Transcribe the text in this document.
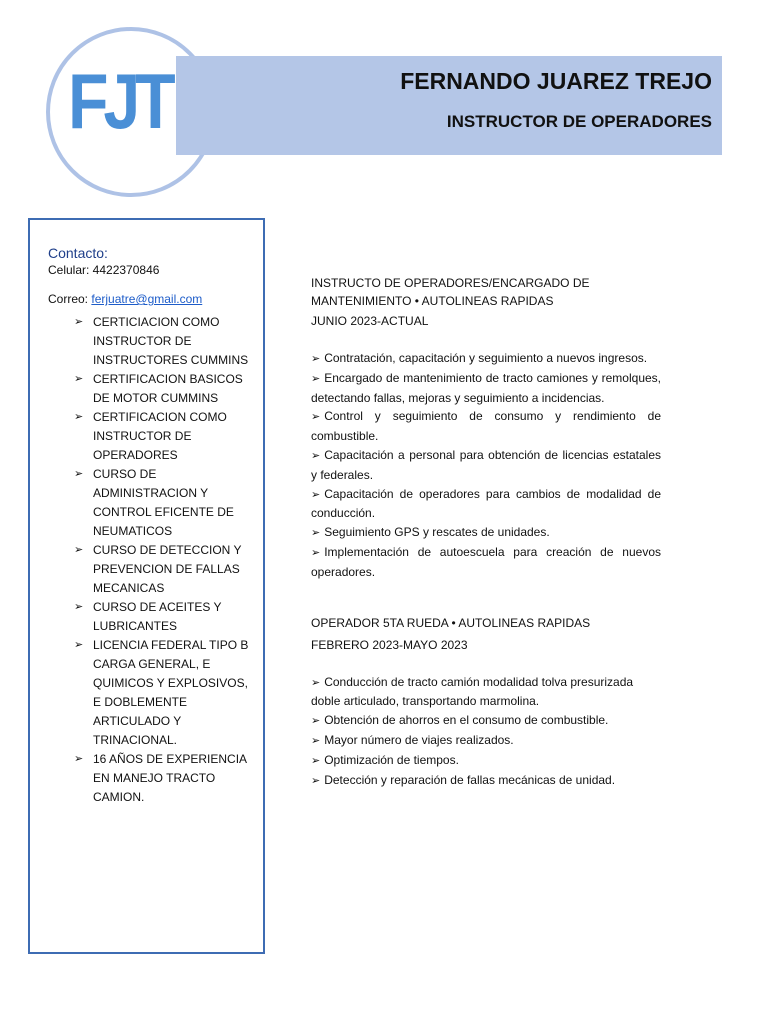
FJT	FERNANDO JUAREZ TREJO
INSTRUCTOR DE OPERADORES
Contacto:
Celular: 4422370846
Correo: ferjuatre@gmail.com
➢ CERTICIACION COMO INSTRUCTOR DE INSTRUCTORES CUMMINS
➢ CERTIFICACION BASICOS DE MOTOR CUMMINS
➢ CERTIFICACION COMO INSTRUCTOR DE OPERADORES
➢ CURSO DE ADMINISTRACION Y CONTROL EFICENTE DE NEUMATICOS
➢ CURSO DE DETECCION Y PREVENCION DE FALLAS MECANICAS
➢ CURSO DE ACEITES Y LUBRICANTES
➢ LICENCIA FEDERAL TIPO B CARGA GENERAL, E QUIMICOS Y EXPLOSIVOS, E DOBLEMENTE ARTICULADO Y TRINACIONAL.
➢ 16 AÑOS DE EXPERIENCIA EN MANEJO TRACTO CAMION.
INSTRUCTO DE OPERADORES/ENCARGADO DE MANTENIMIENTO • AUTOLINEAS RAPIDAS
JUNIO 2023-ACTUAL

➢ Contratación, capacitación y seguimiento a nuevos ingresos.

➢ Encargado de mantenimiento de tracto camiones y remolques, detectando fallas, mejoras y seguimiento a incidencias.

➢ Control y seguimiento de consumo y rendimiento de combustible.

➢ Capacitación a personal para obtención de licencias estatales y federales.

➢ Capacitación de operadores para cambios de modalidad de conducción.

➢ Seguimiento GPS y rescates de unidades.

➢ Implementación de autoescuela para creación de nuevos operadores.

OPERADOR 5TA RUEDA • AUTOLINEAS RAPIDAS
FEBRERO 2023-MAYO 2023

➢ Conducción de tracto camión modalidad tolva presurizada doble articulado, transportando marmolina.

➢ Obtención de ahorros en el consumo de combustible.

➢ Mayor número de viajes realizados.

➢ Optimización de tiempos.

➢ Detección y reparación de fallas mecánicas de unidad.
